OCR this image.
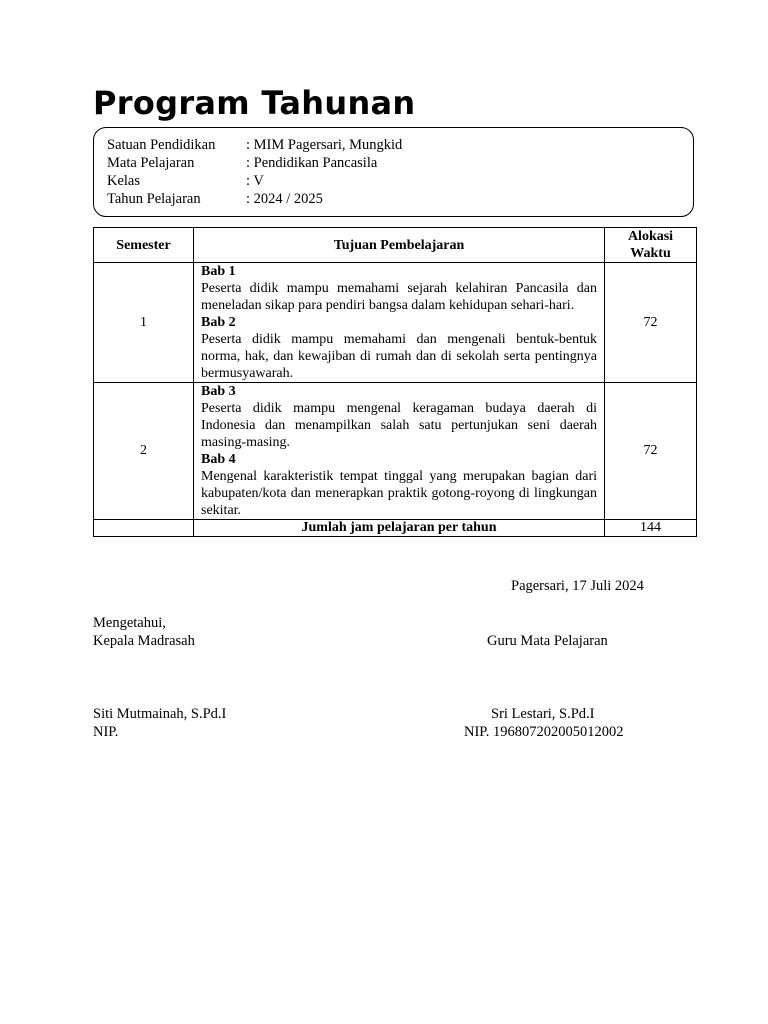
Program Tahunan
Satuan Pendidikan : MIM Pagersari, Mungkid
Mata Pelajaran	: Pendidikan Pancasila
Kelas	: V
Tahun Pelajaran	: 2024 / 2025
Semester	Tujuan Pembelajaran	Alokasi
Waktu

1	Bab 1
Peserta didik mampu memahami sejarah kelahiran Pancasila dan meneladan sikap para pendiri bangsa dalam kehidupan sehari-hari.
Bab 2
Peserta didik mampu memahami dan mengenali bentuk-bentuk norma, hak, dan kewajiban di rumah dan di sekolah serta pentingnya bermusyawarah.	72
2	Bab 3
Peserta didik mampu mengenal keragaman budaya daerah di Indonesia dan menampilkan salah satu pertunjukan seni daerah masing-masing.
Bab 4
Mengenal karakteristik tempat tinggal yang merupakan bagian dari kabupaten/kota dan menerapkan praktik gotong-royong di lingkungan sekitar.	72
	Jumlah jam pelajaran per tahun	144
Pagersari, 17 Juli 2024
Mengetahui,
Kepala Madrasah	Guru Mata Pelajaran
Siti Mutmainah, S.Pd.I
NIP.
Sri Lestari, S.Pd.I
NIP. 196807202005012002
